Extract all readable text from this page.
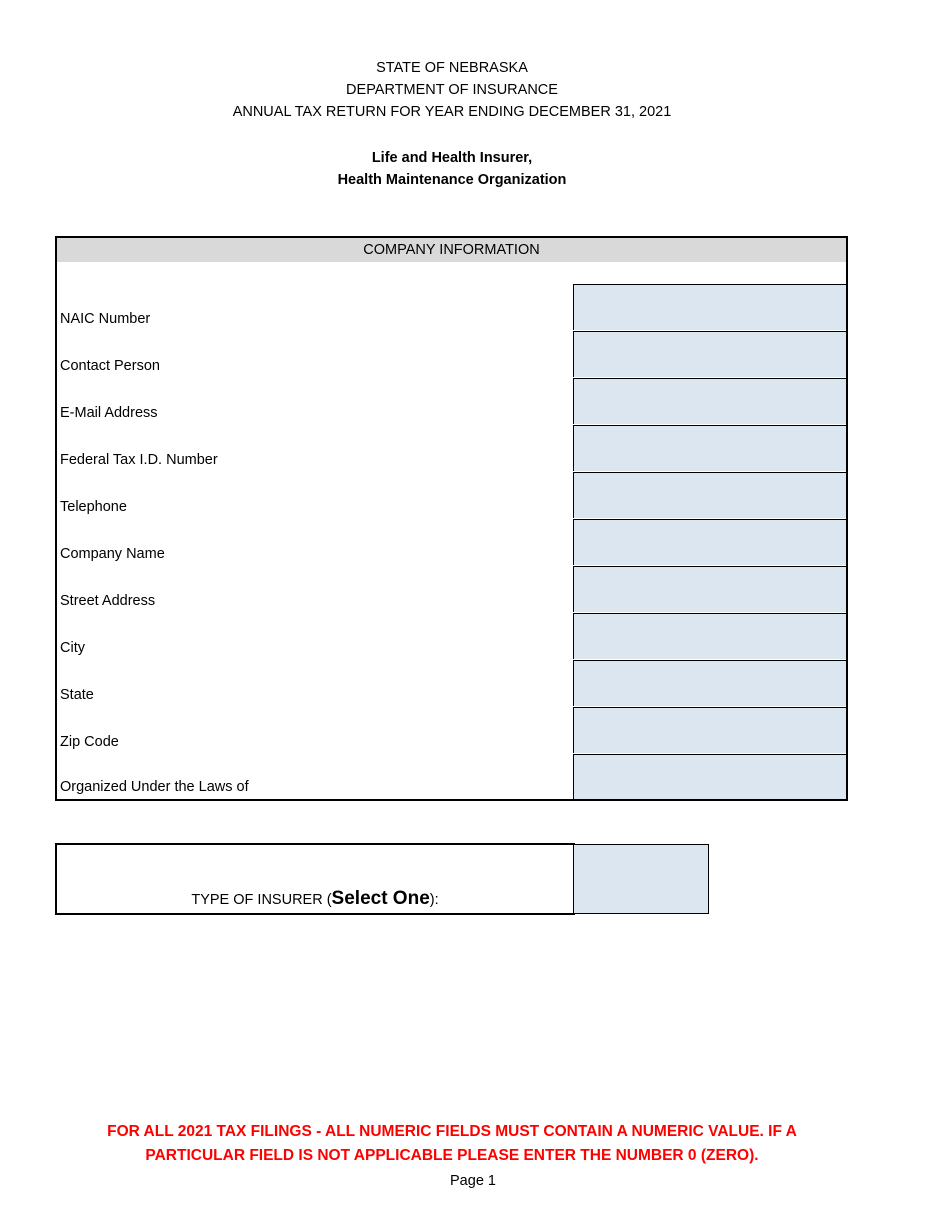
STATE OF NEBRASKA
DEPARTMENT OF INSURANCE
ANNUAL TAX RETURN FOR YEAR ENDING DECEMBER 31, 2021
Life and Health Insurer,
Health Maintenance Organization
COMPANY INFORMATION
NAIC Number
Contact Person
E-Mail Address
Federal Tax I.D. Number
Telephone
Company Name
Street Address
City
State
Zip Code
Organized Under the Laws of
TYPE OF INSURER (Select One):
FOR ALL 2021 TAX FILINGS - ALL NUMERIC FIELDS MUST CONTAIN A NUMERIC VALUE. IF A
PARTICULAR FIELD IS NOT APPLICABLE PLEASE ENTER THE NUMBER 0 (ZERO).
Page 1
